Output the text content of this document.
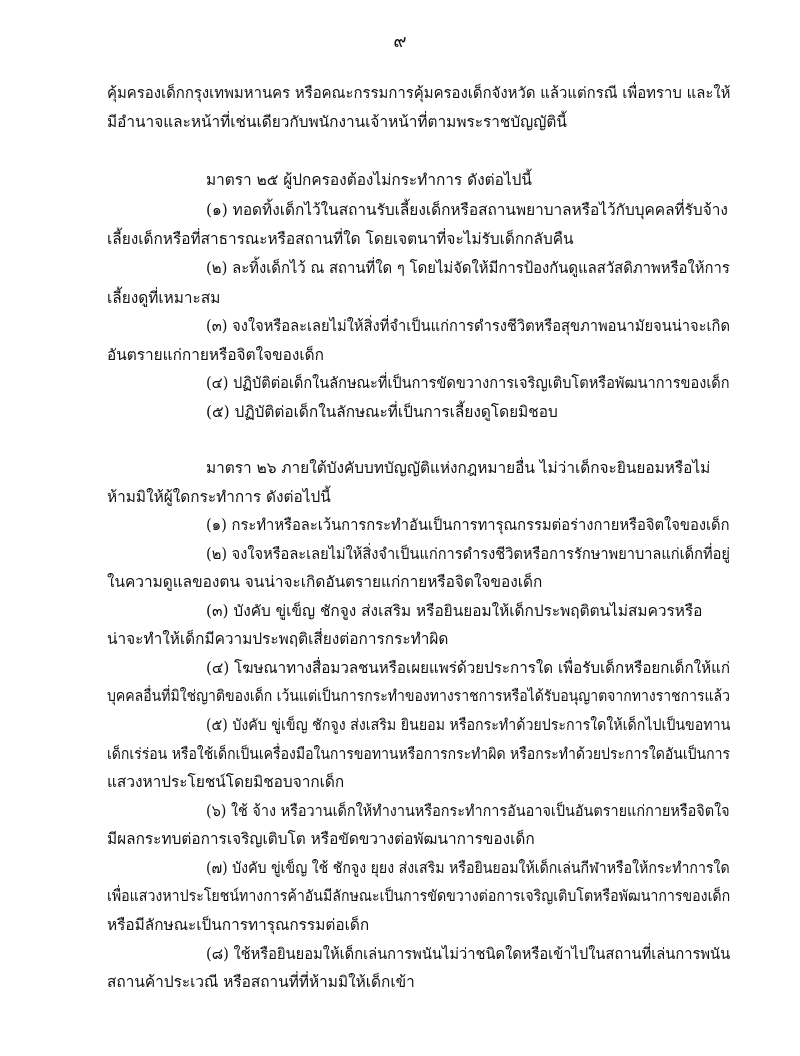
๙
คุ้มครองเด็กกรุงเทพมหานคร หรือคณะกรรมการคุ้มครองเด็กจังหวัด แล้วแต่กรณี เพื่อทราบ และให้
มีอำนาจและหน้าที่เช่นเดียวกับพนักงานเจ้าหน้าที่ตามพระราชบัญญัตินี้
มาตรา ๒๕ ผู้ปกครองต้องไม่กระทำการ ดังต่อไปนี้
(๑) ทอดทิ้งเด็กไว้ในสถานรับเลี้ยงเด็กหรือสถานพยาบาลหรือไว้กับบุคคลที่รับจ้าง
เลี้ยงเด็กหรือที่สาธารณะหรือสถานที่ใด โดยเจตนาที่จะไม่รับเด็กกลับคืน
(๒) ละทิ้งเด็กไว้ ณ สถานที่ใด ๆ โดยไม่จัดให้มีการป้องกันดูแลสวัสดิภาพหรือให้การ
เลี้ยงดูที่เหมาะสม
(๓) จงใจหรือละเลยไม่ให้สิ่งที่จำเป็นแก่การดำรงชีวิตหรือสุขภาพอนามัยจนน่าจะเกิด
อันตรายแก่กายหรือจิตใจของเด็ก
(๔) ปฏิบัติต่อเด็กในลักษณะที่เป็นการขัดขวางการเจริญเติบโตหรือพัฒนาการของเด็ก
(๕) ปฏิบัติต่อเด็กในลักษณะที่เป็นการเลี้ยงดูโดยมิชอบ
มาตรา ๒๖ ภายใต้บังคับบทบัญญัติแห่งกฎหมายอื่น ไม่ว่าเด็กจะยินยอมหรือไม่
ห้ามมิให้ผู้ใดกระทำการ ดังต่อไปนี้
(๑) กระทำหรือละเว้นการกระทำอันเป็นการทารุณกรรมต่อร่างกายหรือจิตใจของเด็ก
(๒) จงใจหรือละเลยไม่ให้สิ่งจำเป็นแก่การดำรงชีวิตหรือการรักษาพยาบาลแก่เด็กที่อยู่
ในความดูแลของตน จนน่าจะเกิดอันตรายแก่กายหรือจิตใจของเด็ก
(๓) บังคับ ขู่เข็ญ ชักจูง ส่งเสริม หรือยินยอมให้เด็กประพฤติตนไม่สมควรหรือ
น่าจะทำให้เด็กมีความประพฤติเสี่ยงต่อการกระทำผิด
(๔) โฆษณาทางสื่อมวลชนหรือเผยแพร่ด้วยประการใด เพื่อรับเด็กหรือยกเด็กให้แก่
บุคคลอื่นที่มิใช่ญาติของเด็ก เว้นแต่เป็นการกระทำของทางราชการหรือได้รับอนุญาตจากทางราชการแล้ว
(๕) บังคับ ขู่เข็ญ ชักจูง ส่งเสริม ยินยอม หรือกระทำด้วยประการใดให้เด็กไปเป็นขอทาน
เด็กเร่ร่อน หรือใช้เด็กเป็นเครื่องมือในการขอทานหรือการกระทำผิด หรือกระทำด้วยประการใดอันเป็นการ
แสวงหาประโยชน์โดยมิชอบจากเด็ก
(๖) ใช้ จ้าง หรือวานเด็กให้ทำงานหรือกระทำการอันอาจเป็นอันตรายแก่กายหรือจิตใจ
มีผลกระทบต่อการเจริญเติบโต หรือขัดขวางต่อพัฒนาการของเด็ก
(๗) บังคับ ขู่เข็ญ ใช้ ชักจูง ยุยง ส่งเสริม หรือยินยอมให้เด็กเล่นกีฬาหรือให้กระทำการใด
เพื่อแสวงหาประโยชน์ทางการค้าอันมีลักษณะเป็นการขัดขวางต่อการเจริญเติบโตหรือพัฒนาการของเด็ก
หรือมีลักษณะเป็นการทารุณกรรมต่อเด็ก
(๘) ใช้หรือยินยอมให้เด็กเล่นการพนันไม่ว่าชนิดใดหรือเข้าไปในสถานที่เล่นการพนัน
สถานค้าประเวณี หรือสถานที่ที่ห้ามมิให้เด็กเข้า
